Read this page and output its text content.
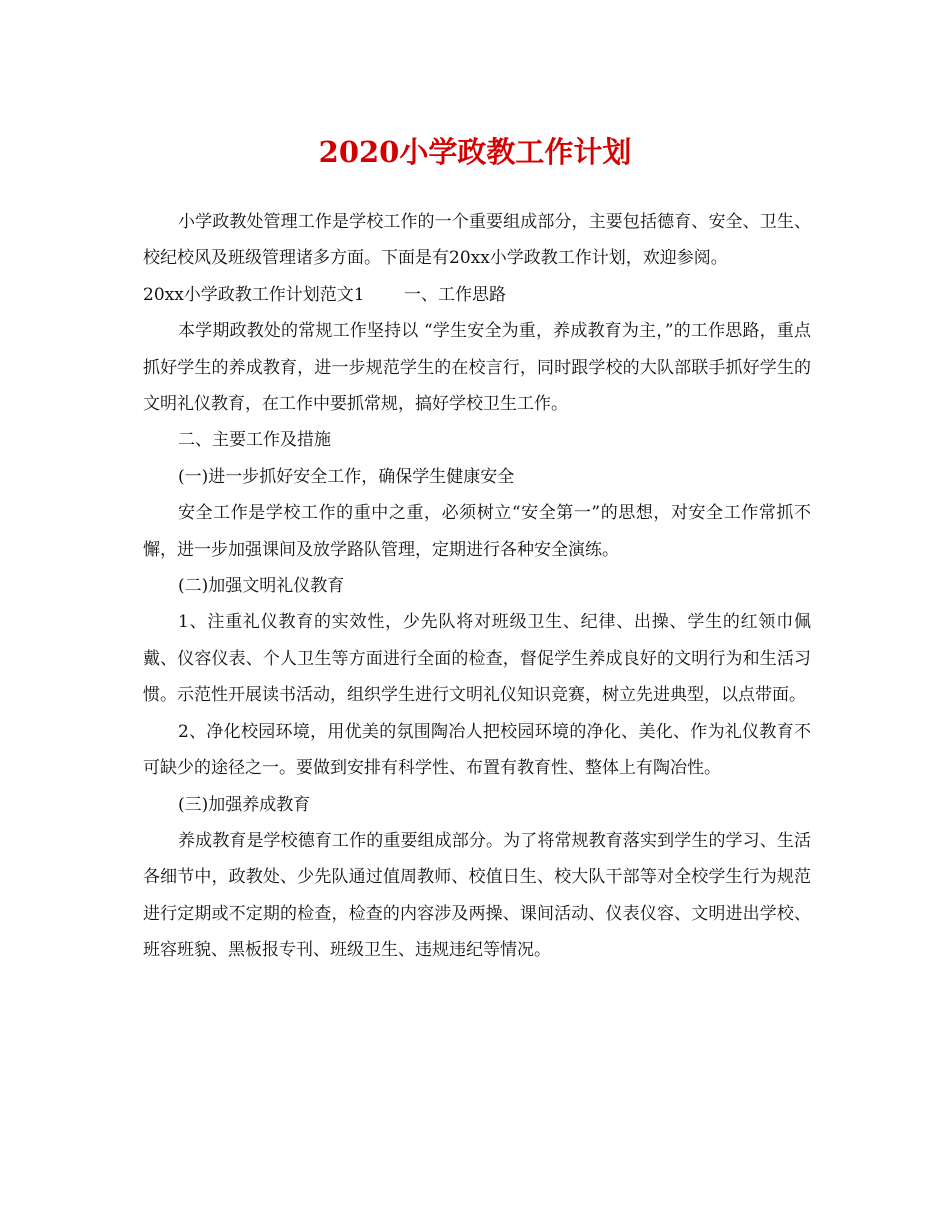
2020小学政教工作计划

小学政教处管理工作是学校工作的一个重要组成部分，主要包括德育、安全、卫生、校纪校风及班级管理诸多方面。下面是有20xx小学政教工作计划，欢迎参阅。

20xx小学政教工作计划范文1　　 一、工作思路

本学期政教处的常规工作坚持以 “学生安全为重，养成教育为主，”的工作思路，重点抓好学生的养成教育，进一步规范学生的在校言行，同时跟学校的大队部联手抓好学生的文明礼仪教育，在工作中要抓常规，搞好学校卫生工作。

二、主要工作及措施

(一)进一步抓好安全工作，确保学生健康安全

安全工作是学校工作的重中之重，必须树立“安全第一”的思想，对安全工作常抓不懈，进一步加强课间及放学路队管理，定期进行各种安全演练。

(二)加强文明礼仪教育

1、注重礼仪教育的实效性，少先队将对班级卫生、纪律、出操、学生的红领巾佩戴、仪容仪表、个人卫生等方面进行全面的检查，督促学生养成良好的文明行为和生活习惯。示范性开展读书活动，组织学生进行文明礼仪知识竞赛，树立先进典型，以点带面。

2、净化校园环境，用优美的氛围陶冶人把校园环境的净化、美化、作为礼仪教育不可缺少的途径之一。要做到安排有科学性、布置有教育性、整体上有陶冶性。

(三)加强养成教育

养成教育是学校德育工作的重要组成部分。为了将常规教育落实到学生的学习、生活各细节中，政教处、少先队通过值周教师、校值日生、校大队干部等对全校学生行为规范进行定期或不定期的检查，检查的内容涉及两操、课间活动、仪表仪容、文明进出学校、班容班貌、黑板报专刊、班级卫生、违规违纪等情况。
